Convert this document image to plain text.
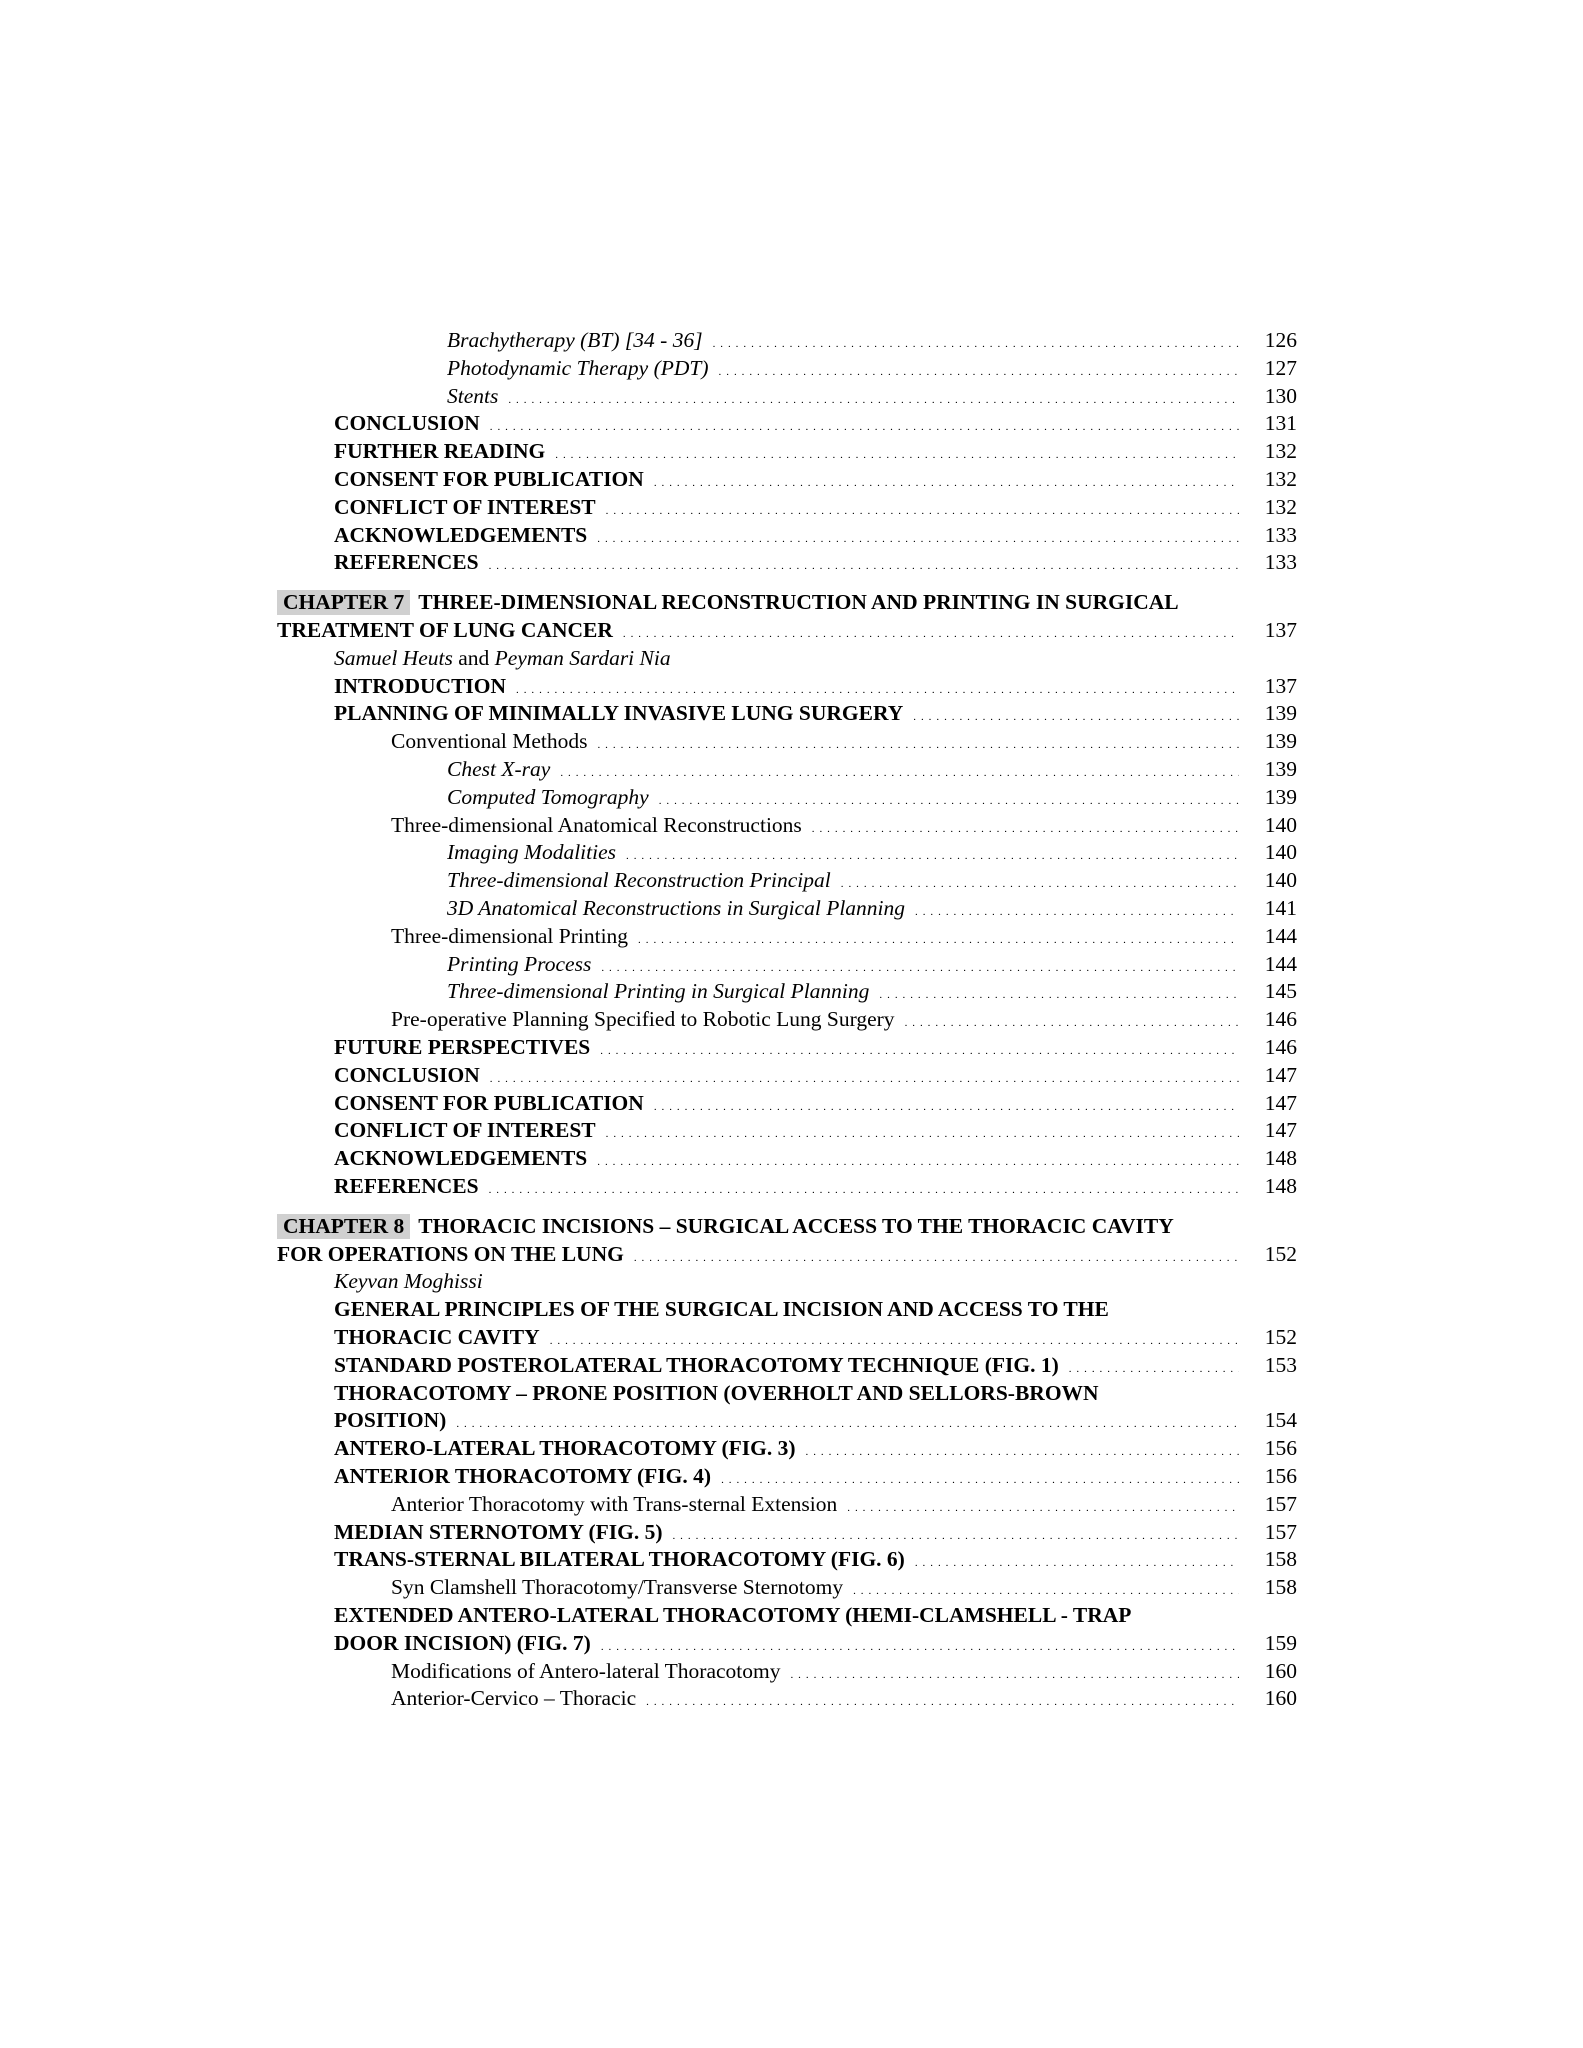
Brachytherapy (BT) [34 - 36] . . .	126
Photodynamic Therapy (PDT) . . .	127
Stents . . .	130
CONCLUSION . . .	131
FURTHER READING . . .	132
CONSENT FOR PUBLICATION . . .	132
CONFLICT OF INTEREST . . .	132
ACKNOWLEDGEMENTS . . .	133
REFERENCES . . .	133
CHAPTER 7 THREE-DIMENSIONAL RECONSTRUCTION AND PRINTING IN SURGICAL
TREATMENT OF LUNG CANCER . . .	137
Samuel Heuts and Peyman Sardari Nia
INTRODUCTION . . .	137
PLANNING OF MINIMALLY INVASIVE LUNG SURGERY . . .	139
Conventional Methods . . .	139
Chest X-ray . . .	139
Computed Tomography . . .	139
Three-dimensional Anatomical Reconstructions . . .	140
Imaging Modalities . . .	140
Three-dimensional Reconstruction Principal . . .	140
3D Anatomical Reconstructions in Surgical Planning . . .	141
Three-dimensional Printing . . .	144
Printing Process . . .	144
Three-dimensional Printing in Surgical Planning . . .	145
Pre-operative Planning Specified to Robotic Lung Surgery . . .	146
FUTURE PERSPECTIVES . . .	146
CONCLUSION . . .	147
CONSENT FOR PUBLICATION . . .	147
CONFLICT OF INTEREST . . .	147
ACKNOWLEDGEMENTS . . .	148
REFERENCES . . .	148
CHAPTER 8 THORACIC INCISIONS – SURGICAL ACCESS TO THE THORACIC CAVITY
FOR OPERATIONS ON THE LUNG . . .	152
Keyvan Moghissi
GENERAL PRINCIPLES OF THE SURGICAL INCISION AND ACCESS TO THE
THORACIC CAVITY . . .	152
STANDARD POSTEROLATERAL THORACOTOMY TECHNIQUE (FIG. 1) . . .	153
THORACOTOMY – PRONE POSITION (OVERHOLT AND SELLORS-BROWN
POSITION) . . .	154
ANTERO-LATERAL THORACOTOMY (FIG. 3) . . .	156
ANTERIOR THORACOTOMY (FIG. 4) . . .	156
Anterior Thoracotomy with Trans-sternal Extension . . .	157
MEDIAN STERNOTOMY (FIG. 5) . . .	157
TRANS-STERNAL BILATERAL THORACOTOMY (FIG. 6) . . .	158
Syn Clamshell Thoracotomy/Transverse Sternotomy . . .	158
EXTENDED ANTERO-LATERAL THORACOTOMY (HEMI-CLAMSHELL - TRAP
DOOR INCISION) (FIG. 7) . . .	159
Modifications of Antero-lateral Thoracotomy . . .	160
Anterior-Cervico – Thoracic . . .	160
